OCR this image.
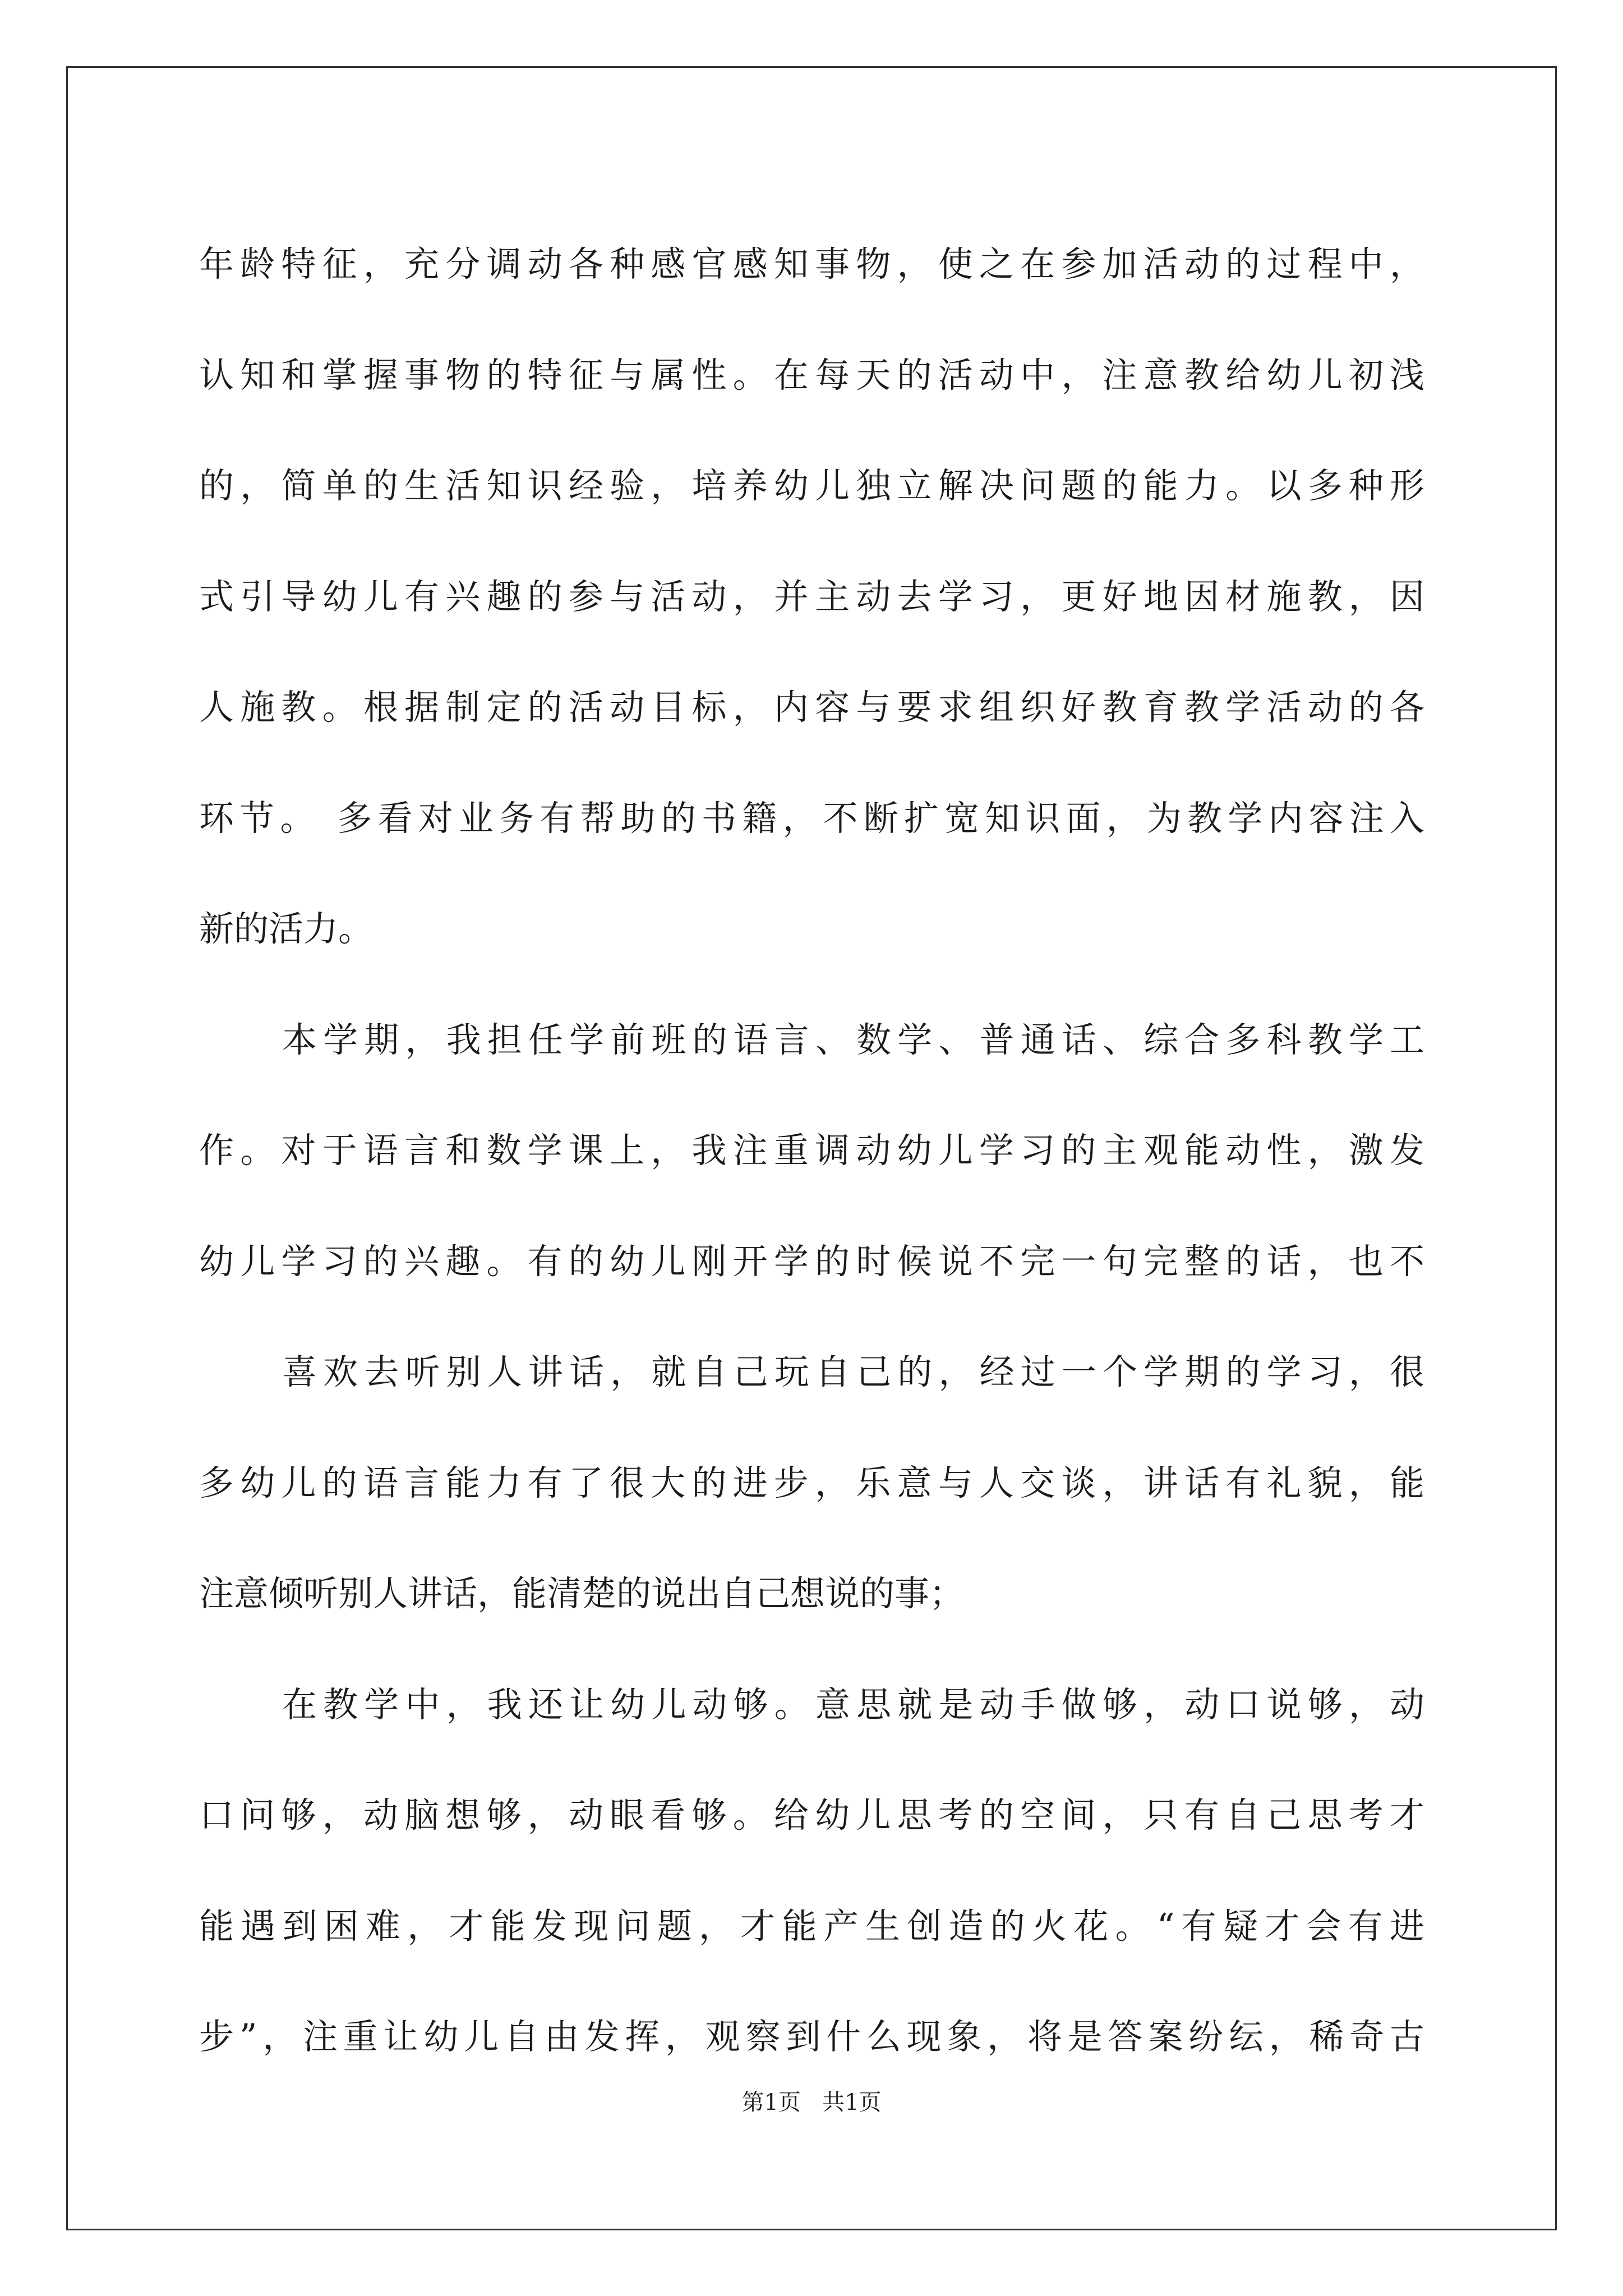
年龄特征，充分调动各种感官感知事物，使之在参加活动的过程中，
认知和掌握事物的特征与属性。在每天的活动中，注意教给幼儿初浅
的，简单的生活知识经验，培养幼儿独立解决问题的能力。以多种形
式引导幼儿有兴趣的参与活动，并主动去学习，更好地因材施教，因
人施教。根据制定的活动目标，内容与要求组织好教育教学活动的各
环节。 多看对业务有帮助的书籍，不断扩宽知识面，为教学内容注入
新的活力。
本学期，我担任学前班的语言、数学、普通话、综合多科教学工
作。对于语言和数学课上，我注重调动幼儿学习的主观能动性，激发
幼儿学习的兴趣。有的幼儿刚开学的时候说不完一句完整的话，也不
喜欢去听别人讲话，就自己玩自己的，经过一个学期的学习，很
多幼儿的语言能力有了很大的进步，乐意与人交谈，讲话有礼貌，能
注意倾听别人讲话，能清楚的说出自己想说的事；
在教学中，我还让幼儿动够。意思就是动手做够，动口说够，动
口问够，动脑想够，动眼看够。给幼儿思考的空间，只有自己思考才
能遇到困难，才能发现问题，才能产生创造的火花。“有疑才会有进
步”，注重让幼儿自由发挥，观察到什么现象，将是答案纷纭，稀奇古
第1页 共1页
